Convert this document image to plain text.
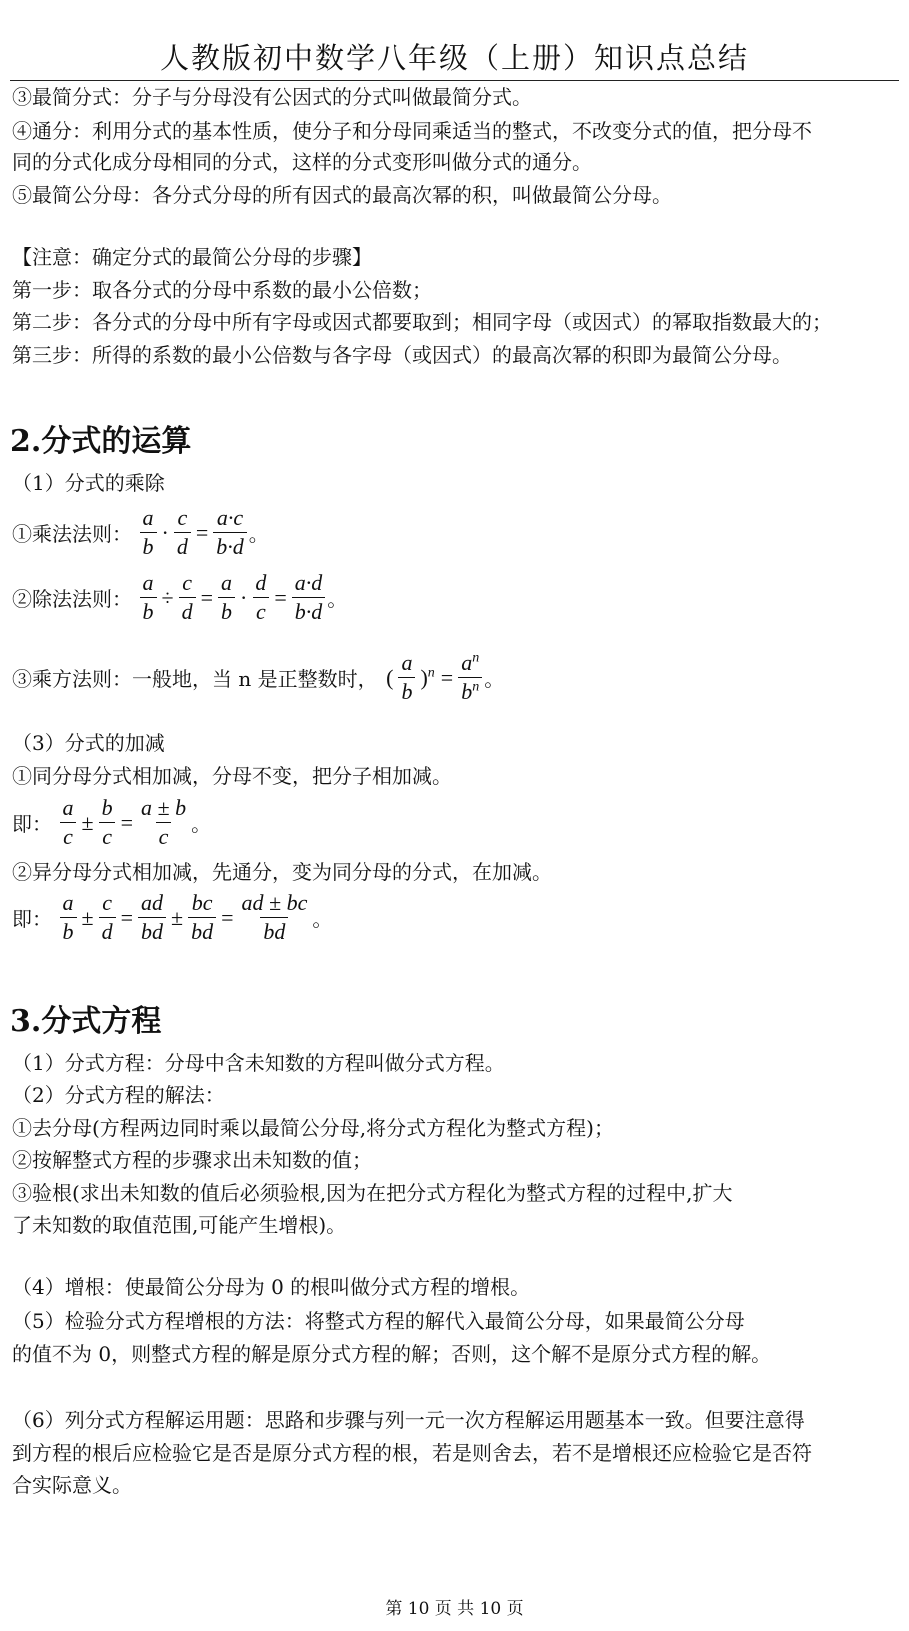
人教版初中数学八年级（上册）知识点总结
③最简分式：分子与分母没有公因式的分式叫做最简分式。
④通分：利用分式的基本性质，使分子和分母同乘适当的整式，不改变分式的值，把分母不
同的分式化成分母相同的分式，这样的分式变形叫做分式的通分。
⑤最简公分母：各分式分母的所有因式的最高次幂的积，叫做最简公分母。
【注意：确定分式的最简公分母的步骤】
第一步：取各分式的分母中系数的最小公倍数；
第二步：各分式的分母中所有字母或因式都要取到；相同字母（或因式）的幂取指数最大的；
第三步：所得的系数的最小公倍数与各字母（或因式）的最高次幂的积即为最简公分母。
2.分式的运算
（1）分式的乘除
①乘法法则： $\frac{a}{b} \cdot \frac{c}{d} = \frac{a\cdot c}{b\cdot d}$ 。
②除法法则： $\frac{a}{b} \div \frac{c}{d} = \frac{a}{b} \cdot \frac{d}{c} = \frac{a\cdot d}{b\cdot d}$ 。
③乘方法则：一般地，当 n 是正整数时， ( $\frac{a}{b} )^n = \frac{a^n}{b^n}$ 。
（3）分式的加减
①同分母分式相加减，分母不变，把分子相加减。
即： $\frac{a}{c} \pm \frac{b}{c} = \frac{a \pm b}{c}$ 。
②异分母分式相加减，先通分，变为同分母的分式，在加减。
即： $\frac{a}{b} \pm \frac{c}{d} = \frac{ad}{bd} \pm \frac{bc}{bd} = \frac{ad \pm bc}{bd}$ 。
3.分式方程
（1）分式方程：分母中含未知数的方程叫做分式方程。
（2）分式方程的解法：
①去分母(方程两边同时乘以最简公分母,将分式方程化为整式方程)；
②按解整式方程的步骤求出未知数的值；
③验根(求出未知数的值后必须验根,因为在把分式方程化为整式方程的过程中,扩大
了未知数的取值范围,可能产生增根)。
（4）增根：使最简公分母为 0 的根叫做分式方程的增根。
（5）检验分式方程增根的方法：将整式方程的解代入最简公分母，如果最简公分母
的值不为 0，则整式方程的解是原分式方程的解；否则，这个解不是原分式方程的解。
（6）列分式方程解运用题：思路和步骤与列一元一次方程解运用题基本一致。但要注意得
到方程的根后应检验它是否是原分式方程的根，若是则舍去，若不是增根还应检验它是否符
合实际意义。
第 10 页 共 10 页
